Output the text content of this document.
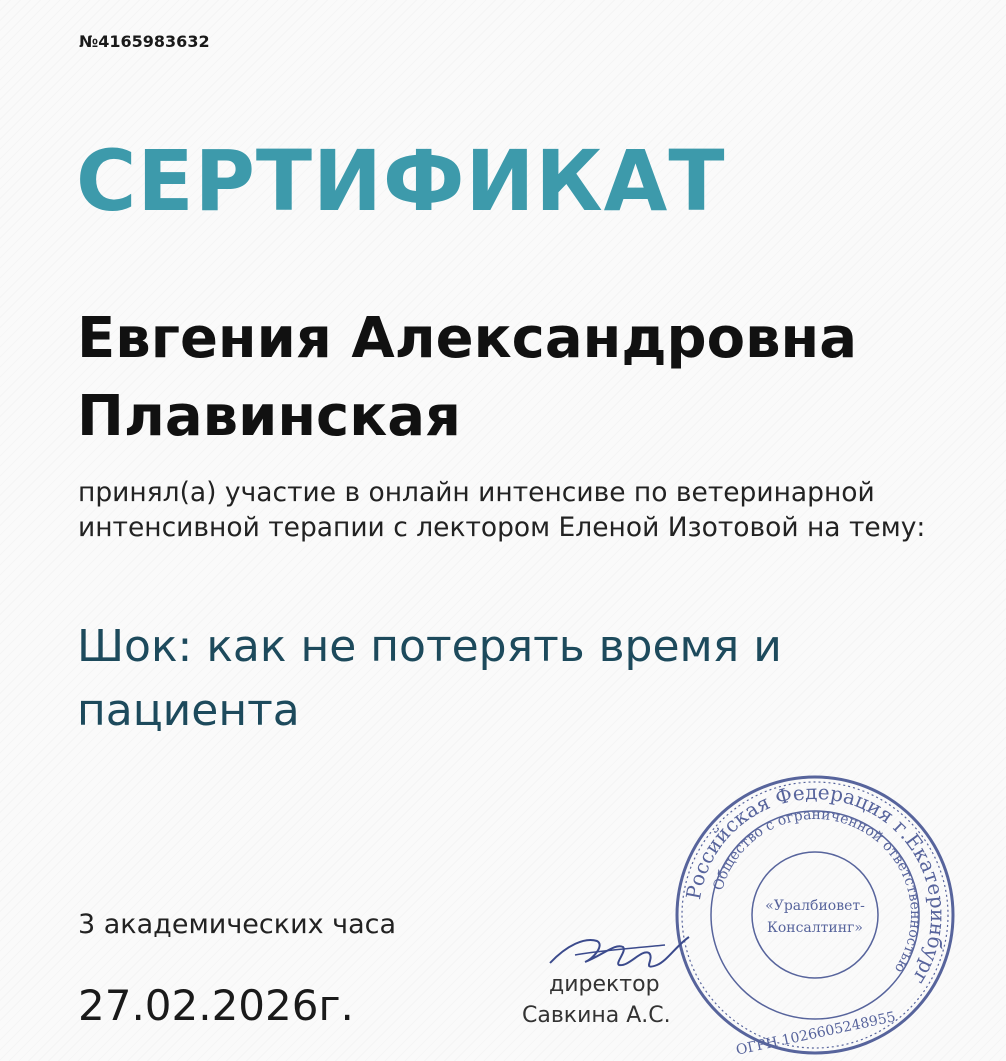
№4165983632
СЕРТИФИКАТ
Евгения Александровна
Плавинская
принял(а) участие в онлайн интенсиве по ветеринарной
интенсивной терапии с лектором Еленой Изотовой на тему:
Шок: как не потерять время и
пациента
3 академических часа
27.02.2026г.
Российская Федерация г.Екатеринбург
Общество с ограниченной ответственностью
«Уралбиовет-
Консалтинг»
ОГРН 1026605248955
директор
Савкина А.С.
